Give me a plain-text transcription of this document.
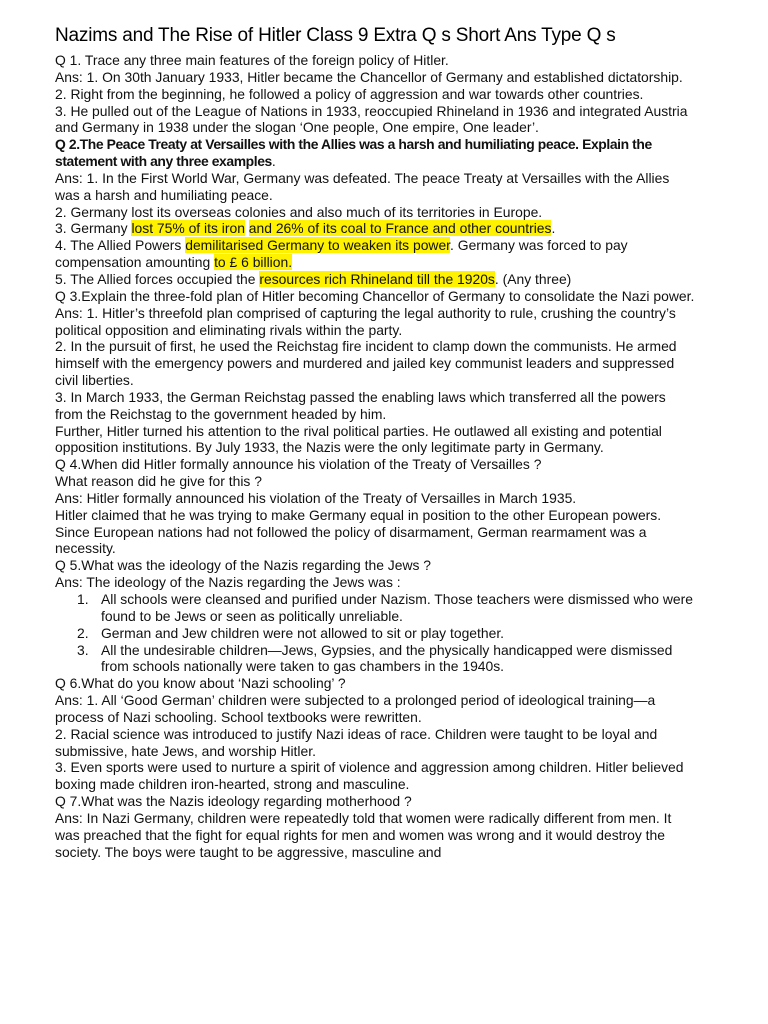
Nazims and The Rise of Hitler Class 9 Extra Q s Short Ans Type Q s

Q 1. Trace any three main features of the foreign policy of Hitler.

Ans: 1. On 30th January 1933, Hitler became the Chancellor of Germany and established dictatorship.

2. Right from the beginning, he followed a policy of aggression and war towards other countries.

3. He pulled out of the League of Nations in 1933, reoccupied Rhineland in 1936 and integrated Austria and Germany in 1938 under the slogan ‘One people, One empire, One leader’.

Q 2.The Peace Treaty at Versailles with the Allies was a harsh and humiliating peace. Explain the statement with any three examples.

Ans: 1. In the First World War, Germany was defeated. The peace Treaty at Versailles with the Allies was a harsh and humiliating peace.

2. Germany lost its overseas colonies and also much of its territories in Europe.

3. Germany lost 75% of its iron and 26% of its coal to France and other countries.

4. The Allied Powers demilitarised Germany to weaken its power. Germany was forced to pay compensation amounting to £ 6 billion.

5. The Allied forces occupied the resources rich Rhineland till the 1920s. (Any three)

Q 3.Explain the three-fold plan of Hitler becoming Chancellor of Germany to consolidate the Nazi power.

Ans: 1. Hitler’s threefold plan comprised of capturing the legal authority to rule, crushing the country’s political opposition and eliminating rivals within the party.

2. In the pursuit of first, he used the Reichstag fire incident to clamp down the communists. He armed himself with the emergency powers and murdered and jailed key communist leaders and suppressed civil liberties.

3. In March 1933, the German Reichstag passed the enabling laws which transferred all the powers from the Reichstag to the government headed by him.

Further, Hitler turned his attention to the rival political parties. He outlawed all existing and potential opposition institutions. By July 1933, the Nazis were the only legitimate party in Germany.

Q 4.When did Hitler formally announce his violation of the Treaty of Versailles ?

What reason did he give for this ?

Ans: Hitler formally announced his violation of the Treaty of Versailles in March 1935.

Hitler claimed that he was trying to make Germany equal in position to the other European powers.

Since European nations had not followed the policy of disarmament, German rearmament was a necessity.

Q 5.What was the ideology of the Nazis regarding the Jews ?

Ans: The ideology of the Nazis regarding the Jews was :

1. All schools were cleansed and purified under Nazism. Those teachers were dismissed who were found to be Jews or seen as politically unreliable.
2. German and Jew children were not allowed to sit or play together.
3. All the undesirable children—Jews, Gypsies, and the physically handicapped were dismissed from schools nationally were taken to gas chambers in the 1940s.

Q 6.What do you know about ‘Nazi schooling’ ?

Ans: 1. All ‘Good German’ children were subjected to a prolonged period of ideological training—a process of Nazi schooling. School textbooks were rewritten.

2. Racial science was introduced to justify Nazi ideas of race. Children were taught to be loyal and submissive, hate Jews, and worship Hitler.

3. Even sports were used to nurture a spirit of violence and aggression among children. Hitler believed boxing made children iron-hearted, strong and masculine.

Q 7.What was the Nazis ideology regarding motherhood ?

Ans: In Nazi Germany, children were repeatedly told that women were radically different from men. It was preached that the fight for equal rights for men and women was wrong and it would destroy the society. The boys were taught to be aggressive, masculine and
